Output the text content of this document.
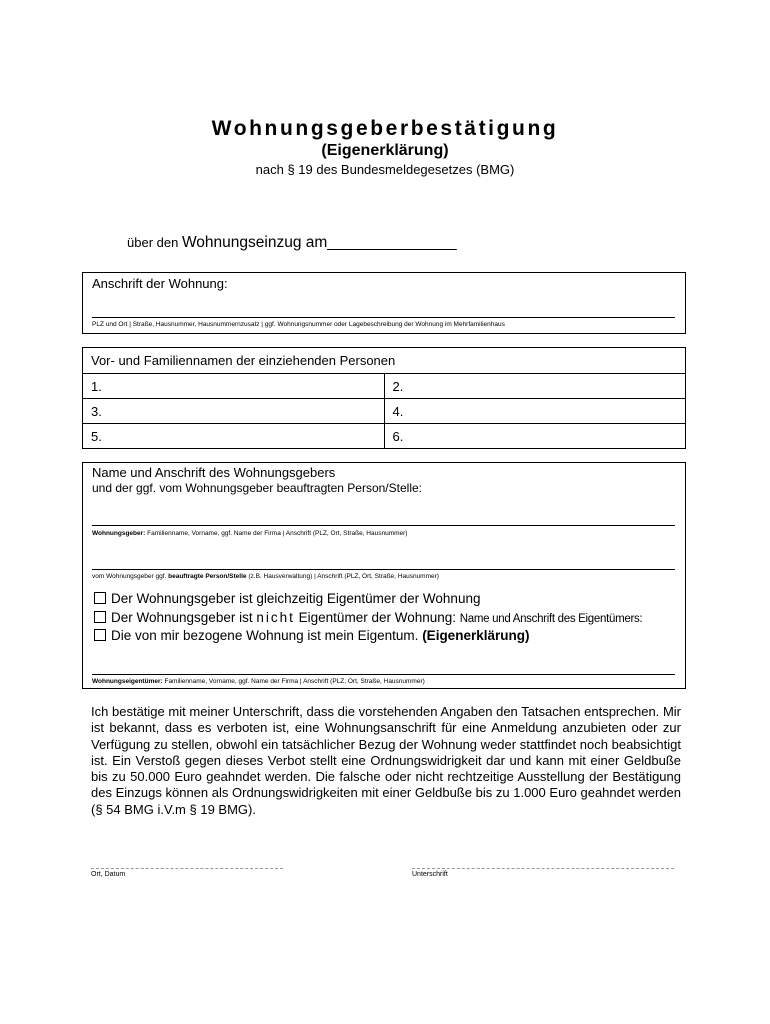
Wohnungsgeberbestätigung
(Eigenerklärung)
nach § 19 des Bundesmeldegesetzes (BMG)
über den Wohnungseinzug am_______________
Anschrift der Wohnung:
PLZ und Ort | Straße, Hausnummer, Hausnummernzusatz | ggf. Wohnungsnummer oder Lagebeschreibung der Wohnung im Mehrfamilienhaus
Vor- und Familiennamen der einziehenden Personen	
1.	2.
3.	4.
5.	6.
Name und Anschrift des Wohnungsgebers
und der ggf. vom Wohnungsgeber beauftragten Person/Stelle:
Wohnungsgeber: Familienname, Vorname, ggf. Name der Firma | Anschrift (PLZ, Ort, Straße, Hausnummer)
vom Wohnungsgeber ggf. beauftragte Person/Stelle (z.B. Hausverwaltung) | Anschrift (PLZ, Ort, Straße, Hausnummer)
Der Wohnungsgeber ist gleichzeitig Eigentümer der Wohnung
Der Wohnungsgeber ist nicht Eigentümer der Wohnung: Name und Anschrift des Eigentümers:
Die von mir bezogene Wohnung ist mein Eigentum. (Eigenerklärung)
Wohnungseigentümer: Familienname, Vorname, ggf. Name der Firma | Anschrift (PLZ, Ort, Straße, Hausnummer)
Ich bestätige mit meiner Unterschrift, dass die vorstehenden Angaben den Tatsachen entsprechen. Mir ist bekannt, dass es verboten ist, eine Wohnungsanschrift für eine Anmeldung anzubieten oder zur Verfügung zu stellen, obwohl ein tatsächlicher Bezug der Wohnung weder stattfindet noch beabsichtigt ist. Ein Verstoß gegen dieses Verbot stellt eine Ordnungswidrigkeit dar und kann mit einer Geldbuße bis zu 50.000 Euro geahndet werden. Die falsche oder nicht rechtzeitige Ausstellung der Bestätigung des Einzugs können als Ordnungswidrigkeiten mit einer Geldbuße bis zu 1.000 Euro geahndet werden (§ 54 BMG i.V.m § 19 BMG).
Ort, Datum	Unterschrift
